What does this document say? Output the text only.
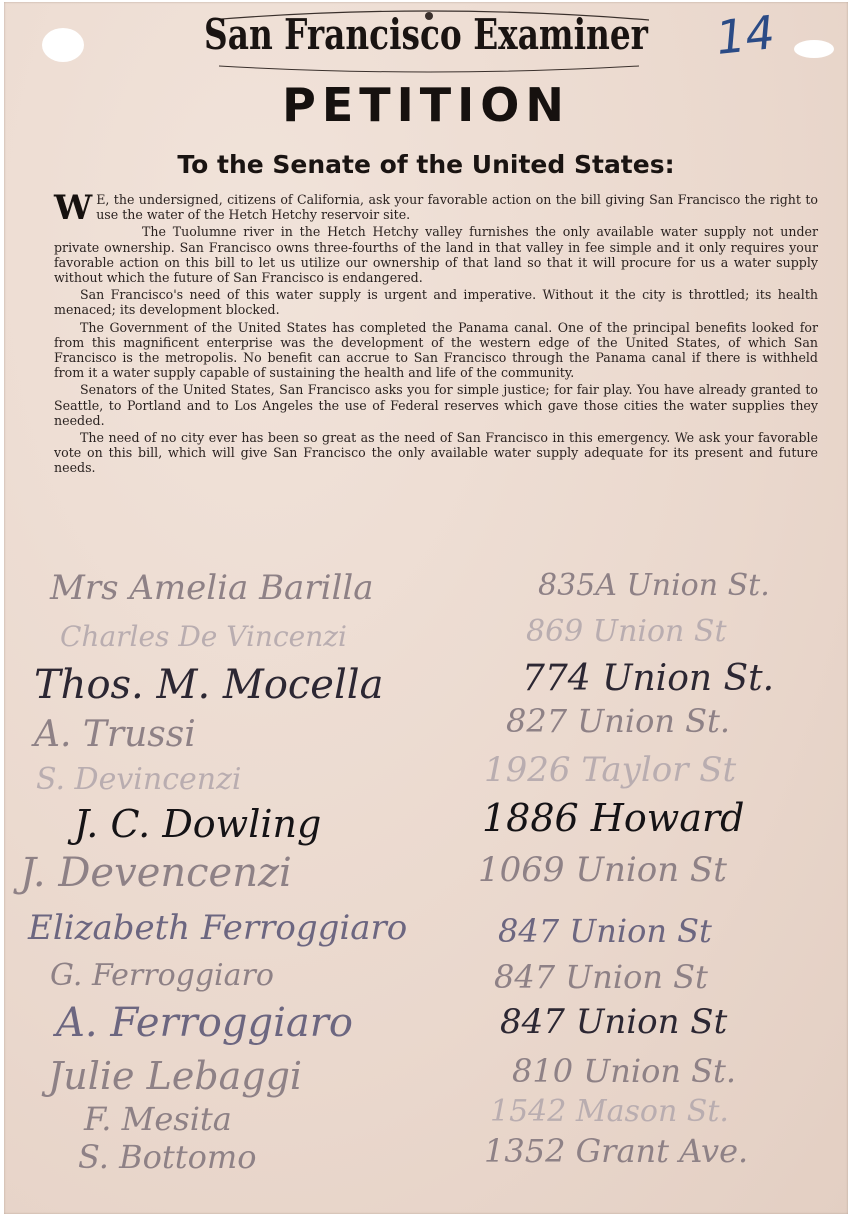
San Francisco Examiner	14
PETITION
To the Senate of the United States:

W E, the undersigned, citizens of California, ask your favorable action on the bill giving San Francisco the right to use the water of the Hetch Hetchy reservoir site.

The Tuolumne river in the Hetch Hetchy valley furnishes the only available water supply not under private ownership. San Francisco owns three-fourths of the land in that valley in fee simple and it only requires your favorable action on this bill to let us utilize our ownership of that land so that it will procure for us a water supply without which the future of San Francisco is endangered.

San Francisco's need of this water supply is urgent and imperative. Without it the city is throttled; its health menaced; its development blocked.

The Government of the United States has completed the Panama canal. One of the principal benefits looked for from this magnificent enterprise was the development of the western edge of the United States, of which San Francisco is the metropolis. No benefit can accrue to San Francisco through the Panama canal if there is withheld from it a water supply capable of sustaining the health and life of the community.

Senators of the United States, San Francisco asks you for simple justice; for fair play. You have already granted to Seattle, to Portland and to Los Angeles the use of Federal reserves which gave those cities the water supplies they needed.

The need of no city ever has been so great as the need of San Francisco in this emergency. We ask your favorable vote on this bill, which will give San Francisco the only available water supply adequate for its present and future needs.

Mrs Amelia Barilla
Charles De Vincenzi
Thos. M. Mocella
A. Trussi
S. Devincenzi
J. C. Dowling
J. Devencenzi
Elizabeth Ferroggiaro
G. Ferroggiaro
A. Ferroggiaro
Julie Lebaggi
F. Mesita
S. Bottomo
835A Union St.
869 Union St
774 Union St.
827 Union St.
1926 Taylor St
1886 Howard
1069 Union St
847 Union St
847 Union St
847 Union St
810 Union St.
1542 Mason St.
1352 Grant Ave.
